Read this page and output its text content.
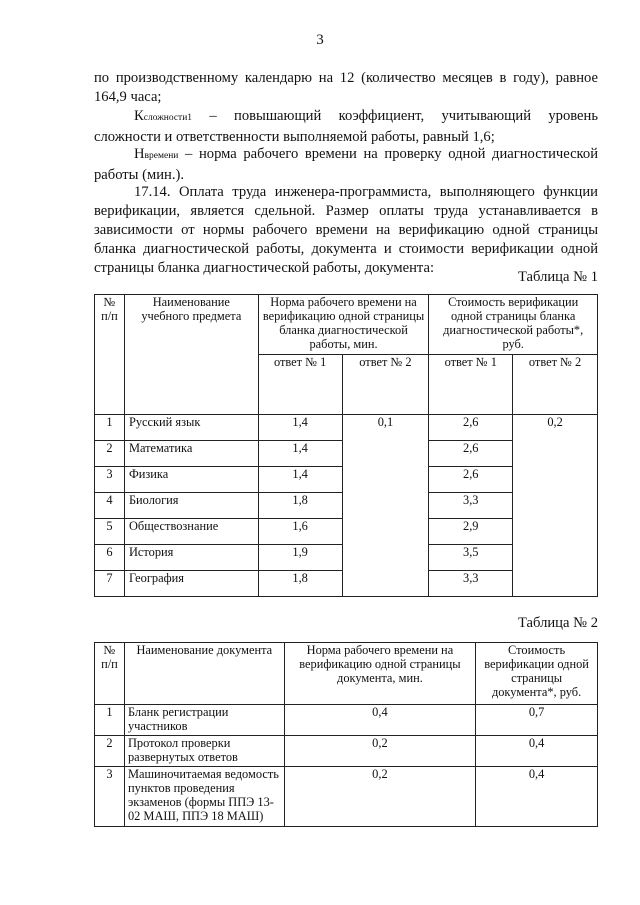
3

по производственному календарю на 12 (количество месяцев в году), равное

164,9 часа;

Ксложности1 – повышающий коэффициент, учитывающий уровень сложности и ответственности выполняемой работы, равный 1,6;

Нвремени – норма рабочего времени на проверку одной диагностической работы (мин.).

17.14. Оплата труда инженера-программиста, выполняющего функции верификации, является сдельной. Размер оплаты труда устанавливается в зависимости от нормы рабочего времени на верификацию одной страницы бланка диагностической работы, документа и стоимости верификации одной страницы бланка диагностической работы, документа:

Таблица № 1
№ п/п	Наименование учебного предмета	Норма рабочего времени на верификацию одной страницы бланка диагностической работы, мин.		Стоимость верификации одной страницы бланка диагностической работы*, руб.	
		ответ № 1	ответ № 2	ответ № 1	ответ № 2
1	Русский язык	1,4	0,1	2,6	0,2
2	Математика	1,4		2,6	
3	Физика	1,4		2,6	
4	Биология	1,8		3,3	
5	Обществознание	1,6		2,9	
6	История	1,9		3,5	
7	География	1,8		3,3	
Таблица № 2
№ п/п	Наименование документа	Норма рабочего времени на верификацию одной страницы документа, мин.	Стоимость верификации одной страницы документа*, руб.
1	Бланк регистрации участников	0,4	0,7
2	Протокол проверки развернутых ответов	0,2	0,4
3	Машиночитаемая ведомость пунктов проведения экзаменов (формы ППЭ 13-02 МАШ, ППЭ 18 МАШ)	0,2	0,4
